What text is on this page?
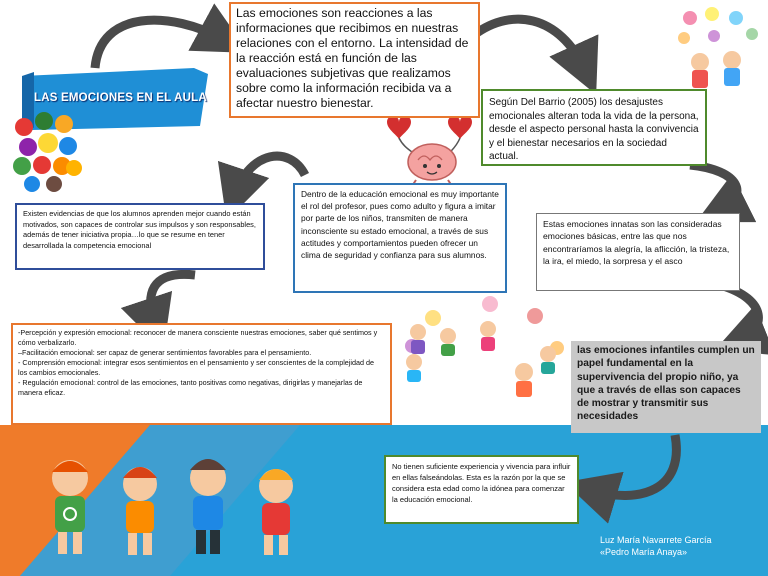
LAS EMOCIONES EN EL AULA

Las emociones son reacciones a las informaciones que recibimos en nuestras relaciones con el entorno. La intensidad de la reacción está en función de las evaluaciones subjetivas que realizamos sobre como la información recibida va a afectar nuestro bienestar.	Según Del Barrio (2005) los desajustes emocionales alteran toda la vida de la persona, desde el aspecto personal hasta la convivencia y el bienestar necesarios en la sociedad actual.

Existen evidencias de que los alumnos aprenden mejor cuando están motivados, son capaces de controlar sus impulsos y son responsables, además de tener iniciativa propia…lo que se resume en tener desarrollada la competencia emocional

Dentro de la educación emocional es muy importante el rol del profesor, pues como adulto y figura a imitar por parte de los niños, transmiten de manera inconsciente su estado emocional, a través de sus actitudes y comportamientos pueden ofrecer un clima de seguridad y confianza para sus alumnos.

Estas emociones innatas son las consideradas emociones básicas, entre las que nos encontraríamos la alegría, la aflicción, la tristeza, la ira, el miedo, la sorpresa y el asco

-Percepción y expresión emocional: reconocer de manera consciente nuestras emociones, saber qué sentimos y cómo verbalizarlo.

–Facilitación emocional: ser capaz de generar sentimientos favorables para el pensamiento.

- Comprensión emocional: integrar esos sentimientos en el pensamiento y ser conscientes de la complejidad de los cambios emocionales.

- Regulación emocional: control de las emociones, tanto positivas como negativas, dirigirlas y manejarlas de manera eficaz.

las emociones infantiles cumplen un papel fundamental en la supervivencia del propio niño, ya que a través de ellas son capaces de mostrar y transmitir sus necesidades

No tienen suficiente experiencia y vivencia para influir en ellas falseándolas. Esta es la razón por la que se considera esta edad como la idónea para comenzar la educación emocional.

Luz María Navarrete García
«Pedro María Anaya»
